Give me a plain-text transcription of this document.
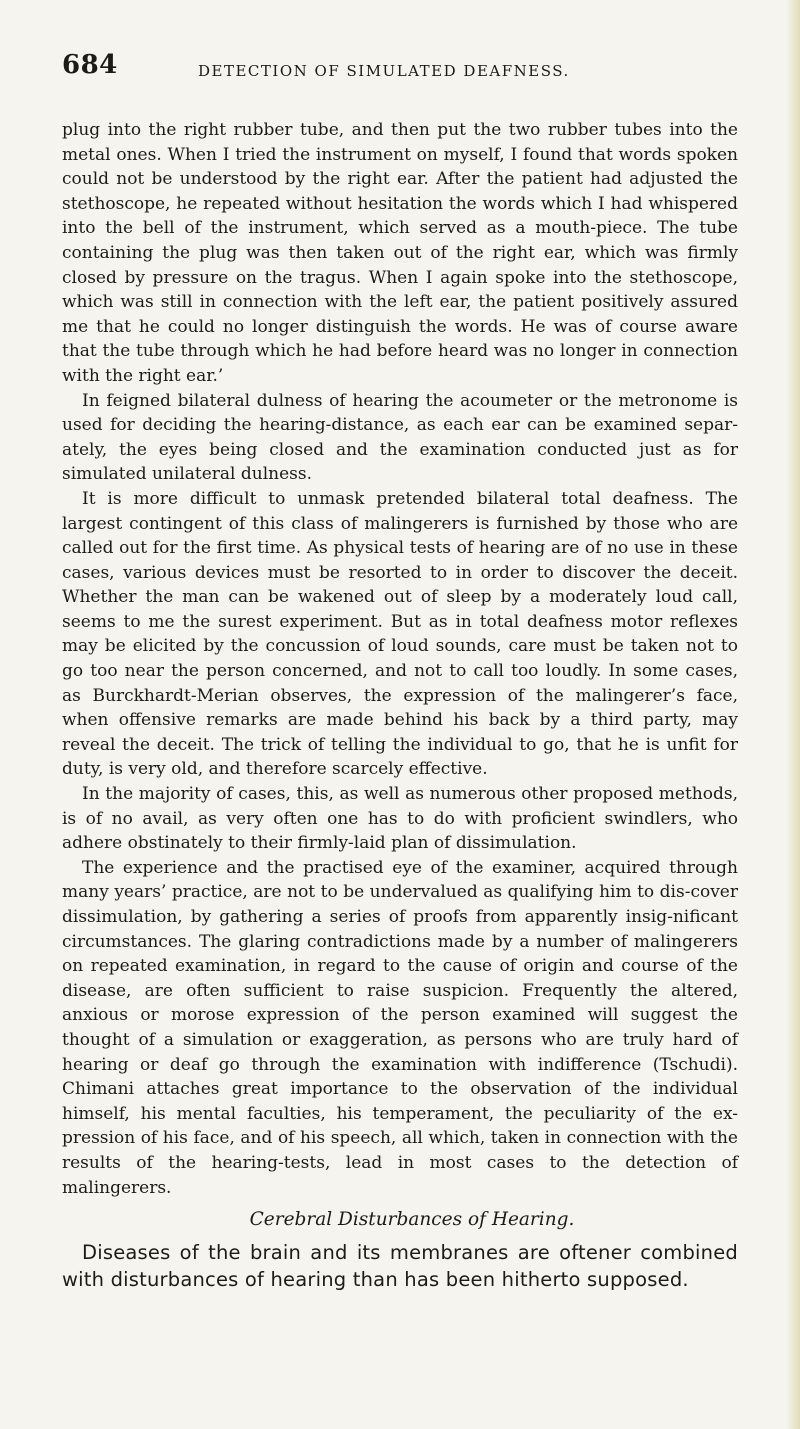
684	DETECTION OF SIMULATED DEAFNESS.

plug into the right rubber tube, and then put the two rubber tubes into the metal ones. When I tried the instrument on myself, I found that words spoken could not be understood by the right ear. After the patient had adjusted the stethoscope, he repeated without hesitation the words which I had whispered into the bell of the instrument, which served as a mouth-piece. The tube containing the plug was then taken out of the right ear, which was firmly closed by pressure on the tragus. When I again spoke into the stethoscope, which was still in connection with the left ear, the patient positively assured me that he could no longer distinguish the words. He was of course aware that the tube through which he had before heard was no longer in connection with the right ear.’

In feigned bilateral dulness of hearing the acoumeter or the metronome is used for deciding the hearing-distance, as each ear can be examined separ-ately, the eyes being closed and the examination conducted just as for simulated unilateral dulness.

It is more difficult to unmask pretended bilateral total deafness. The largest contingent of this class of malingerers is furnished by those who are called out for the first time. As physical tests of hearing are of no use in these cases, various devices must be resorted to in order to discover the deceit. Whether the man can be wakened out of sleep by a moderately loud call, seems to me the surest experiment. But as in total deafness motor reflexes may be elicited by the concussion of loud sounds, care must be taken not to go too near the person concerned, and not to call too loudly. In some cases, as Burckhardt-Merian observes, the expression of the malingerer’s face, when offensive remarks are made behind his back by a third party, may reveal the deceit. The trick of telling the individual to go, that he is unfit for duty, is very old, and therefore scarcely effective.

In the majority of cases, this, as well as numerous other proposed methods, is of no avail, as very often one has to do with proficient swindlers, who adhere obstinately to their firmly-laid plan of dissimulation.

The experience and the practised eye of the examiner, acquired through many years’ practice, are not to be undervalued as qualifying him to dis-cover dissimulation, by gathering a series of proofs from apparently insig-nificant circumstances. The glaring contradictions made by a number of malingerers on repeated examination, in regard to the cause of origin and course of the disease, are often sufficient to raise suspicion. Frequently the altered, anxious or morose expression of the person examined will suggest the thought of a simulation or exaggeration, as persons who are truly hard of hearing or deaf go through the examination with indifference (Tschudi). Chimani attaches great importance to the observation of the individual himself, his mental faculties, his temperament, the peculiarity of the ex-pression of his face, and of his speech, all which, taken in connection with the results of the hearing-tests, lead in most cases to the detection of malingerers.

Cerebral Disturbances of Hearing.

Diseases of the brain and its membranes are oftener combined with disturbances of hearing than has been hitherto supposed.
